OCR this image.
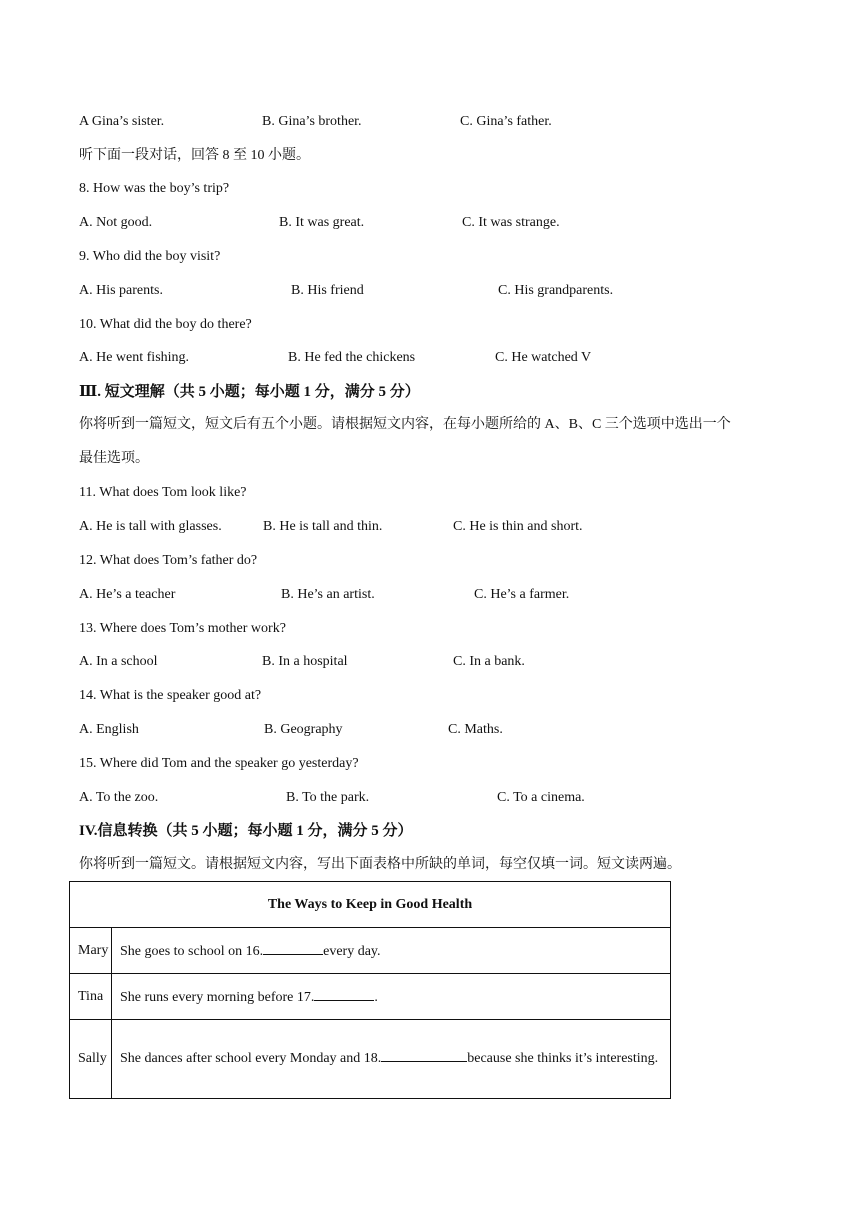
A Gina’s sister.	B. Gina’s brother.	C. Gina’s father.
听下面一段对话，回答 8 至 10 小题。
8. How was the boy’s trip?
A. Not good.	B. It was great.	C. It was strange.
9. Who did the boy visit?
A. His parents.	B. His friend	C. His grandparents.
10. What did the boy do there?
A. He went fishing.	B. He fed the chickens	C. He watched V
Ⅲ. 短文理解（共 5 小题；每小题 1 分，满分 5 分）
你将听到一篇短文，短文后有五个小题。请根据短文内容，在每小题所给的 A、B、C 三个选项中选出一个
最佳选项。
11. What does Tom look like?
A. He is tall with glasses.	B. He is tall and thin.	C. He is thin and short.
12. What does Tom’s father do?
A. He’s a teacher	B. He’s an artist.	C. He’s a farmer.
13. Where does Tom’s mother work?
A. In a school	B. In a hospital	C. In a bank.
14. What is the speaker good at?
A. English	B. Geography	C. Maths.
15. Where did Tom and the speaker go yesterday?
A. To the zoo.	B. To the park.	C. To a cinema.
IV.信息转换（共 5 小题；每小题 1 分，满分 5 分）
你将听到一篇短文。请根据短文内容，写出下面表格中所缺的单词，每空仅填一词。短文读两遍。
The Ways to Keep in Good Health	
Mary	She goes to school on 16. every day.
Tina	She runs every morning before 17. .
Sally	She dances after school every Monday and 18. because she thinks it’s interesting.
